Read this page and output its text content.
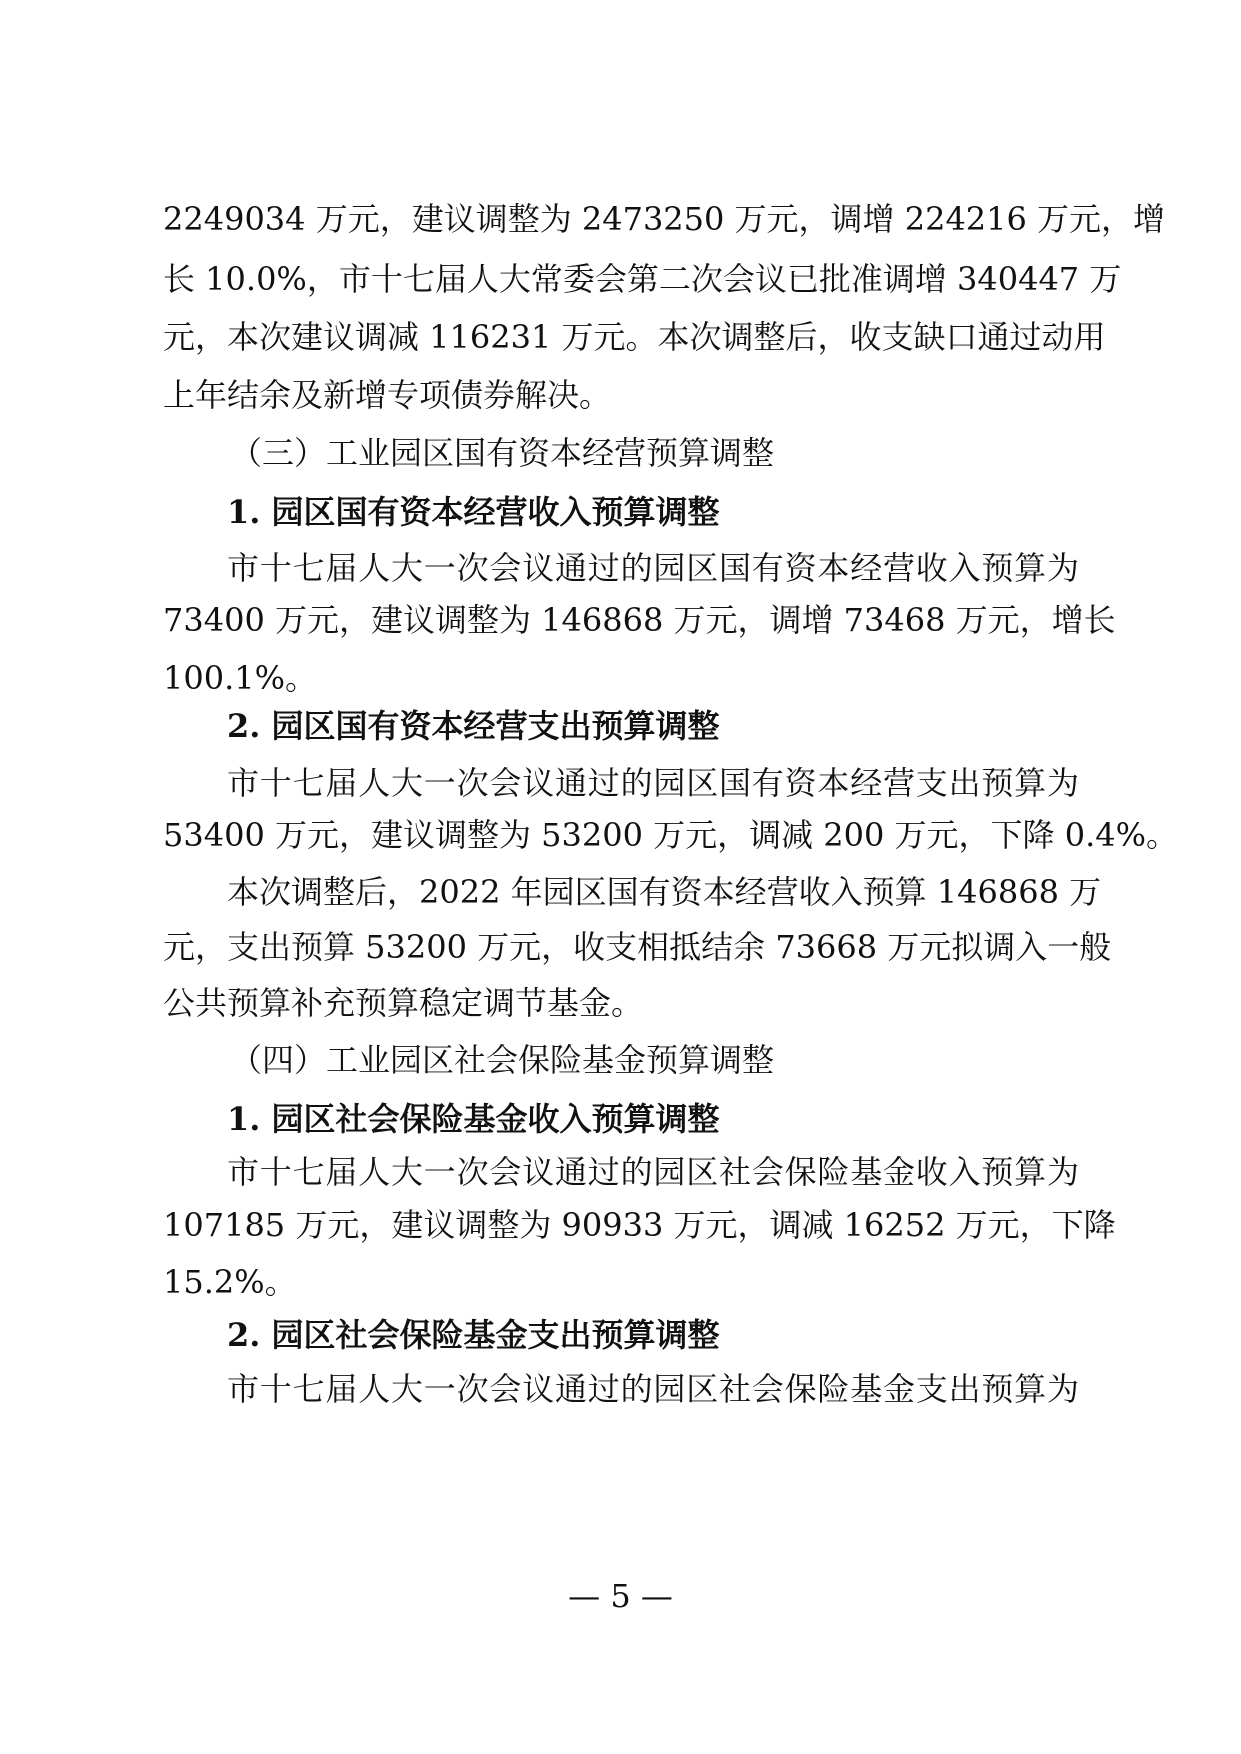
2249034 万元，建议调整为 2473250 万元，调增 224216 万元，增
长 10.0%，市十七届人大常委会第二次会议已批准调增 340447 万
元，本次建议调减 116231 万元。本次调整后，收支缺口通过动用
上年结余及新增专项债券解决。
（三）工业园区国有资本经营预算调整
1. 园区国有资本经营收入预算调整
市十七届人大一次会议通过的园区国有资本经营收入预算为
73400 万元，建议调整为 146868 万元，调增 73468 万元，增长
100.1%。
2. 园区国有资本经营支出预算调整
市十七届人大一次会议通过的园区国有资本经营支出预算为
53400 万元，建议调整为 53200 万元，调减 200 万元，下降 0.4%。
本次调整后，2022 年园区国有资本经营收入预算 146868 万
元，支出预算 53200 万元，收支相抵结余 73668 万元拟调入一般
公共预算补充预算稳定调节基金。
（四）工业园区社会保险基金预算调整
1. 园区社会保险基金收入预算调整
市十七届人大一次会议通过的园区社会保险基金收入预算为
107185 万元，建议调整为 90933 万元，调减 16252 万元，下降
15.2%。
2. 园区社会保险基金支出预算调整
市十七届人大一次会议通过的园区社会保险基金支出预算为
— 5 —
